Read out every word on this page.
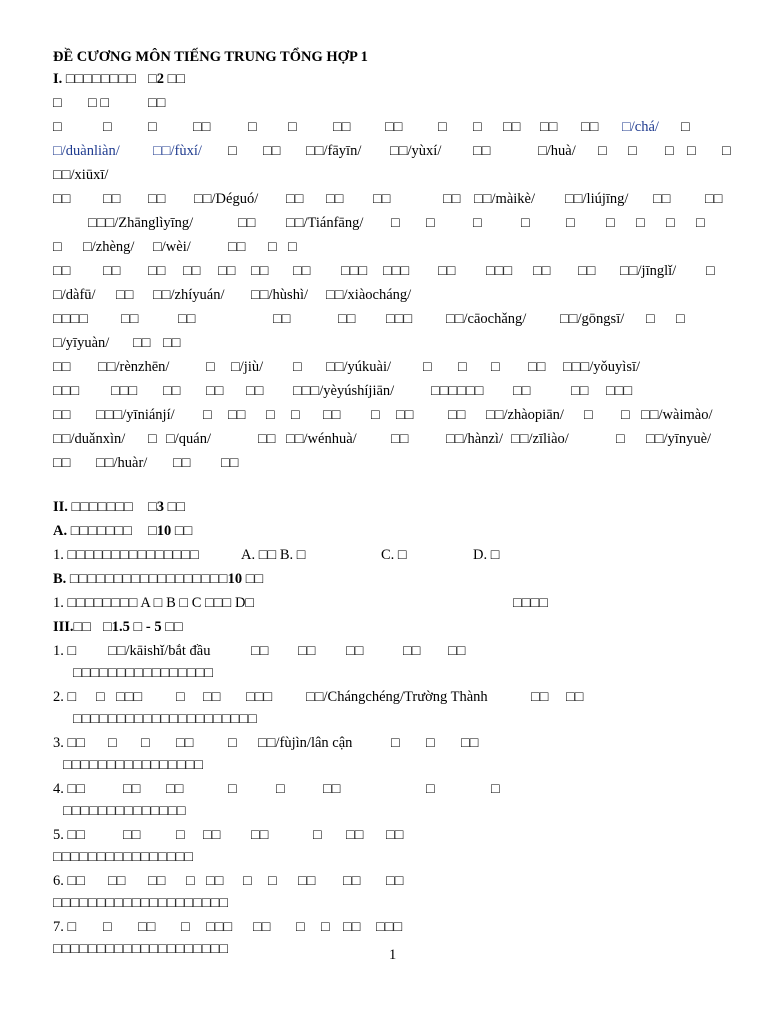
ĐỀ CƯƠNG MÔN TIẾNG TRUNG TỔNG HỢP 1
I. □□□□□□□□ □2 □□
□ □ □	□□
□	□ □ □□	□ □ □□ □□ □ □ □□ □□ □□ □/chá/ □
□/duànliàn/ □□/fùxí/ □ □□ □□/fāyīn/ □□/yùxí/ □□	□/huà/ □ □ □ □ □
□□/xiūxī/
□□ □□ □□ □□/Déguó/ □□ □□ □□	□□ □□/màikè/ □□/liújīng/ □□ □□
□□□/Zhānglìyīng/	□□ □□/Tiánfāng/ □ □	□	□ □ □ □ □ □
□ □/zhèng/ □/wèi/	□□ □ □
□□ □□ □□ □□ □□ □□ □□ □□□ □□□ □□ □□□ □□ □□ □□/jīnglǐ/ □
□/dàfū/ □□ □□/zhíyuán/ □□/hùshì/ □□/xiàocháng/
□□□□ □□	□□	□□	□□ □□□ □□/cāochǎng/ □□/gōngsī/ □ □
□/yīyuàn/ □□ □□
□□ □□/rènzhēn/	□ □/jiù/ □ □□/yúkuài/ □ □ □ □□ □□□/yǒuyìsī/
□□□ □□□ □□ □□ □□ □□□/yèyúshíjiān/	□□□□□□ □□	□□ □□□
□□ □□□/yīniánjí/ □ □□ □ □ □□ □ □□ □□ □□/zhàopiān/ □ □ □□/wàimào/
□□/duǎnxìn/ □ □/quán/	□□ □□/wénhuà/ □□	□□/hànzì/ □□/zīliào/	□ □□/yīnyuè/
□□ □□/huàr/ □□ □□
II. □□□□□□□ □3 □□
A. □□□□□□□ □10 □□
1. □□□□□□□□□□□□□□□	A. □□ B. □	C. □	D. □
B. □□□□□□□□□□□□□□□□□□10 □□
1. □□□□□□□□ A □ B □ C □□□ D□	□□□□
III.□□ □1.5 □ - 5 □□
1. □ □□/kāishǐ/bắt đầu	□□ □□ □□	□□ □□
□□□□□□□□□□□□□□□□
2. □ □ □□□ □ □□ □□□ □□/Chángchéng/Trường Thành	□□ □□
□□□□□□□□□□□□□□□□□□□□□
3. □□ □ □ □□ □ □□/fùjìn/lân cận	□ □ □□
□□□□□□□□□□□□□□□□
4. □□	□□ □□	□	□	□□	□	□
□□□□□□□□□□□□□□
5. □□	□□ □ □□ □□	□ □□ □□
□□□□□□□□□□□□□□□□
6. □□ □□ □□ □ □□ □ □ □□ □□ □□
□□□□□□□□□□□□□□□□□□□□
7. □ □ □□ □ □□□ □□ □ □ □□ □□□
□□□□□□□□□□□□□□□□□□□□	1
